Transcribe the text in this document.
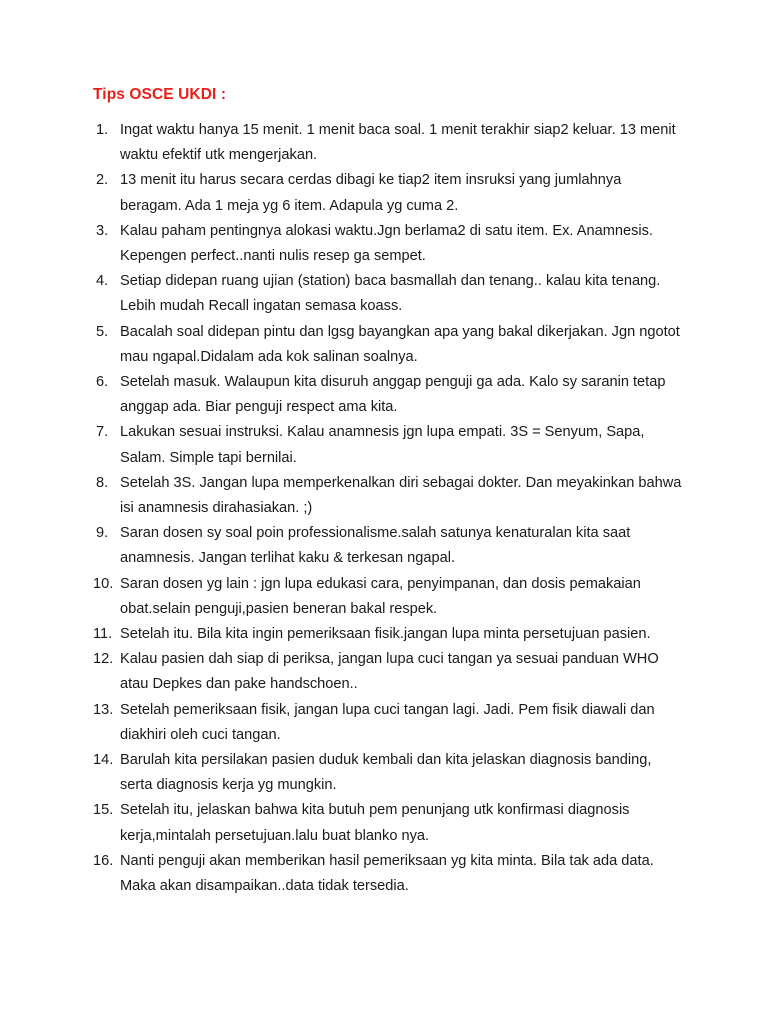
Tips OSCE UKDI :
1. Ingat waktu hanya 15 menit. 1 menit baca soal. 1 menit terakhir siap2 keluar. 13 menit waktu efektif utk mengerjakan.
2. 13 menit itu harus secara cerdas dibagi ke tiap2 item insruksi yang jumlahnya beragam. Ada 1 meja yg 6 item. Adapula yg cuma 2.
3. Kalau paham pentingnya alokasi waktu.Jgn berlama2 di satu item. Ex. Anamnesis. Kepengen perfect..nanti nulis resep ga sempet.
4. Setiap didepan ruang ujian (station) baca basmallah dan tenang.. kalau kita tenang. Lebih mudah Recall ingatan semasa koass.
5. Bacalah soal didepan pintu dan lgsg bayangkan apa yang bakal dikerjakan. Jgn ngotot mau ngapal.Didalam ada kok salinan soalnya.
6. Setelah masuk. Walaupun kita disuruh anggap penguji ga ada. Kalo sy saranin tetap anggap ada. Biar penguji respect ama kita.
7. Lakukan sesuai instruksi. Kalau anamnesis jgn lupa empati. 3S = Senyum, Sapa, Salam. Simple tapi bernilai.
8. Setelah 3S. Jangan lupa memperkenalkan diri sebagai dokter. Dan meyakinkan bahwa isi anamnesis dirahasiakan. ;)
9. Saran dosen sy soal poin professionalisme.salah satunya kenaturalan kita saat anamnesis. Jangan terlihat kaku & terkesan ngapal.
10. Saran dosen yg lain : jgn lupa edukasi cara, penyimpanan, dan dosis pemakaian obat.selain penguji,pasien beneran bakal respek.
11. Setelah itu. Bila kita ingin pemeriksaan fisik.jangan lupa minta persetujuan pasien.
12. Kalau pasien dah siap di periksa, jangan lupa cuci tangan ya sesuai panduan WHO atau Depkes dan pake handschoen..
13. Setelah pemeriksaan fisik, jangan lupa cuci tangan lagi. Jadi. Pem fisik diawali dan diakhiri oleh cuci tangan.
14. Barulah kita persilakan pasien duduk kembali dan kita jelaskan diagnosis banding, serta diagnosis kerja yg mungkin.
15. Setelah itu, jelaskan bahwa kita butuh pem penunjang utk konfirmasi diagnosis kerja,mintalah persetujuan.lalu buat blanko nya.
16. Nanti penguji akan memberikan hasil pemeriksaan yg kita minta. Bila tak ada data. Maka akan disampaikan..data tidak tersedia.
